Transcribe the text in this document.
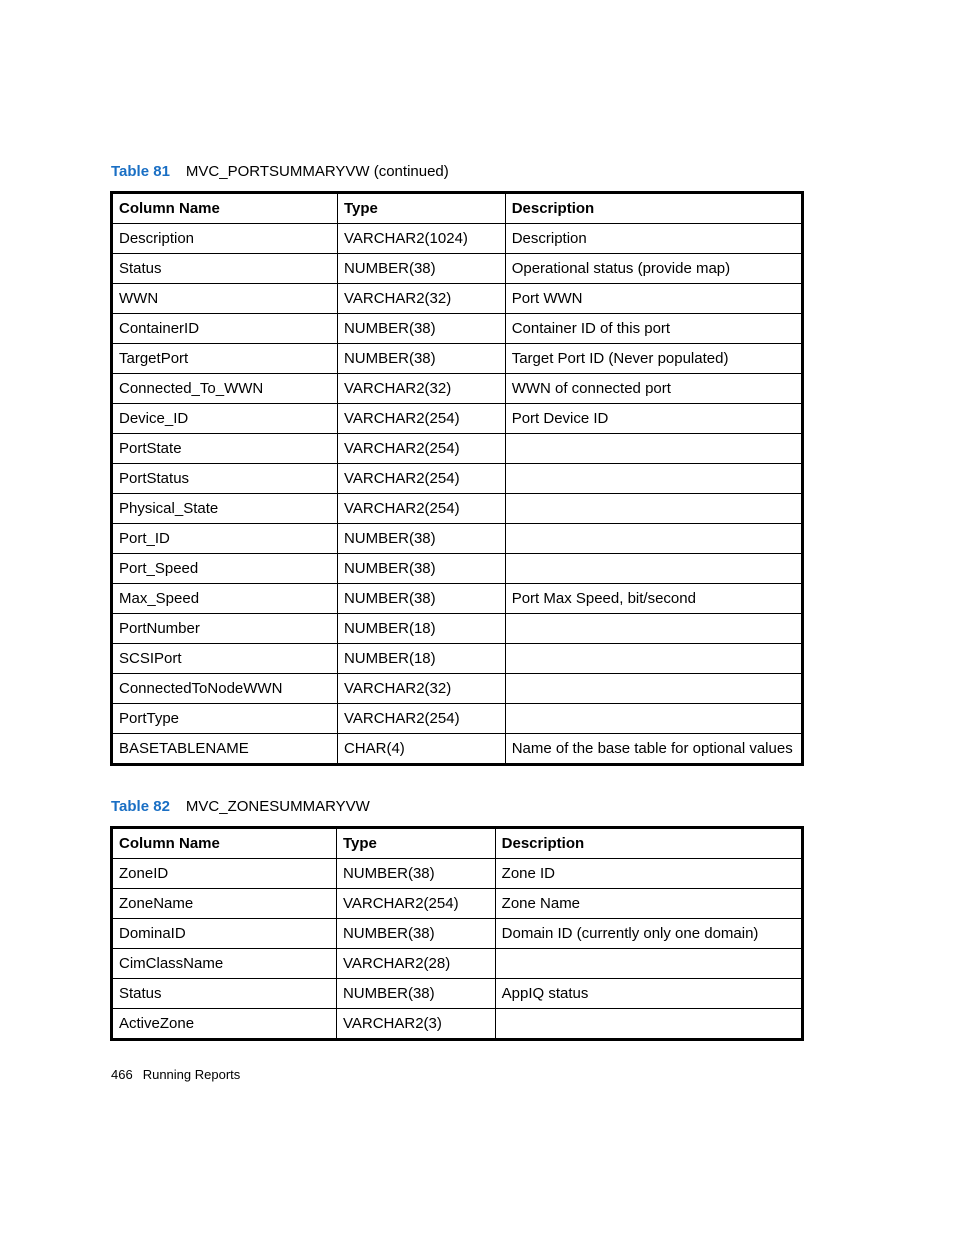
Table 81 MVC_PORTSUMMARYVW (continued)
Column Name	Type	Description
Description	VARCHAR2(1024)	Description
Status	NUMBER(38)	Operational status (provide map)
WWN	VARCHAR2(32)	Port WWN
ContainerID	NUMBER(38)	Container ID of this port
TargetPort	NUMBER(38)	Target Port ID (Never populated)
Connected_To_WWN	VARCHAR2(32)	WWN of connected port
Device_ID	VARCHAR2(254)	Port Device ID
PortState	VARCHAR2(254)	
PortStatus	VARCHAR2(254)	
Physical_State	VARCHAR2(254)	
Port_ID	NUMBER(38)	
Port_Speed	NUMBER(38)	
Max_Speed	NUMBER(38)	Port Max Speed, bit/second
PortNumber	NUMBER(18)	
SCSIPort	NUMBER(18)	
ConnectedToNodeWWN	VARCHAR2(32)	
PortType	VARCHAR2(254)	
BASETABLENAME	CHAR(4)	Name of the base table for optional values
Table 82 MVC_ZONESUMMARYVW
Column Name	Type	Description
ZoneID	NUMBER(38)	Zone ID
ZoneName	VARCHAR2(254)	Zone Name
DominaID	NUMBER(38)	Domain ID (currently only one domain)
CimClassName	VARCHAR2(28)	
Status	NUMBER(38)	AppIQ status
ActiveZone	VARCHAR2(3)	
466 Running Reports
